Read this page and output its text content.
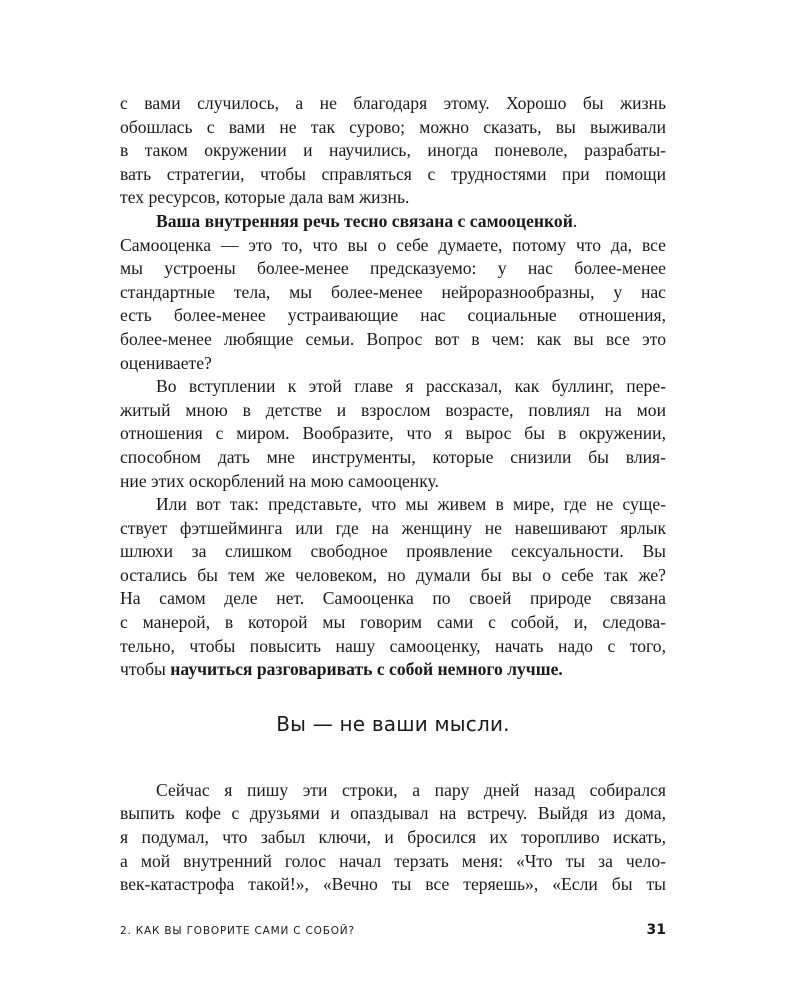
с вами случилось, а не благодаря этому. Хорошо бы жизнь
обошлась с вами не так сурово; можно сказать, вы выживали
в таком окружении и научились, иногда поневоле, разрабаты-
вать стратегии, чтобы справляться с трудностями при помощи
тех ресурсов, которые дала вам жизнь.
Ваша внутренняя речь тесно связана с самооценкой.
Самооценка — это то, что вы о себе думаете, потому что да, все
мы устроены более-менее предсказуемо: у нас более-менее
стандартные тела, мы более-менее нейроразнообразны, у нас
есть более-менее устраивающие нас социальные отношения,
более-менее любящие семьи. Вопрос вот в чем: как вы все это
оцениваете?
Во вступлении к этой главе я рассказал, как буллинг, пере-
житый мною в детстве и взрослом возрасте, повлиял на мои
отношения с миром. Вообразите, что я вырос бы в окружении,
способном дать мне инструменты, которые снизили бы влия-
ние этих оскорблений на мою самооценку.
Или вот так: представьте, что мы живем в мире, где не суще-
ствует фэтшейминга или где на женщину не навешивают ярлык
шлюхи за слишком свободное проявление сексуальности. Вы
остались бы тем же человеком, но думали бы вы о себе так же?
На самом деле нет. Самооценка по своей природе связана
с манерой, в которой мы говорим сами с собой, и, следова-
тельно, чтобы повысить нашу самооценку, начать надо с того,
чтобы научиться разговаривать с собой немного лучше.
Вы — не ваши мысли.
Сейчас я пишу эти строки, а пару дней назад собирался
выпить кофе с друзьями и опаздывал на встречу. Выйдя из дома,
я подумал, что забыл ключи, и бросился их торопливо искать,
а мой внутренний голос начал терзать меня: «Что ты за чело-
век-катастрофа такой!», «Вечно ты все теряешь», «Если бы ты
2. КАК ВЫ ГОВОРИТЕ САМИ С СОБОЙ?	31
